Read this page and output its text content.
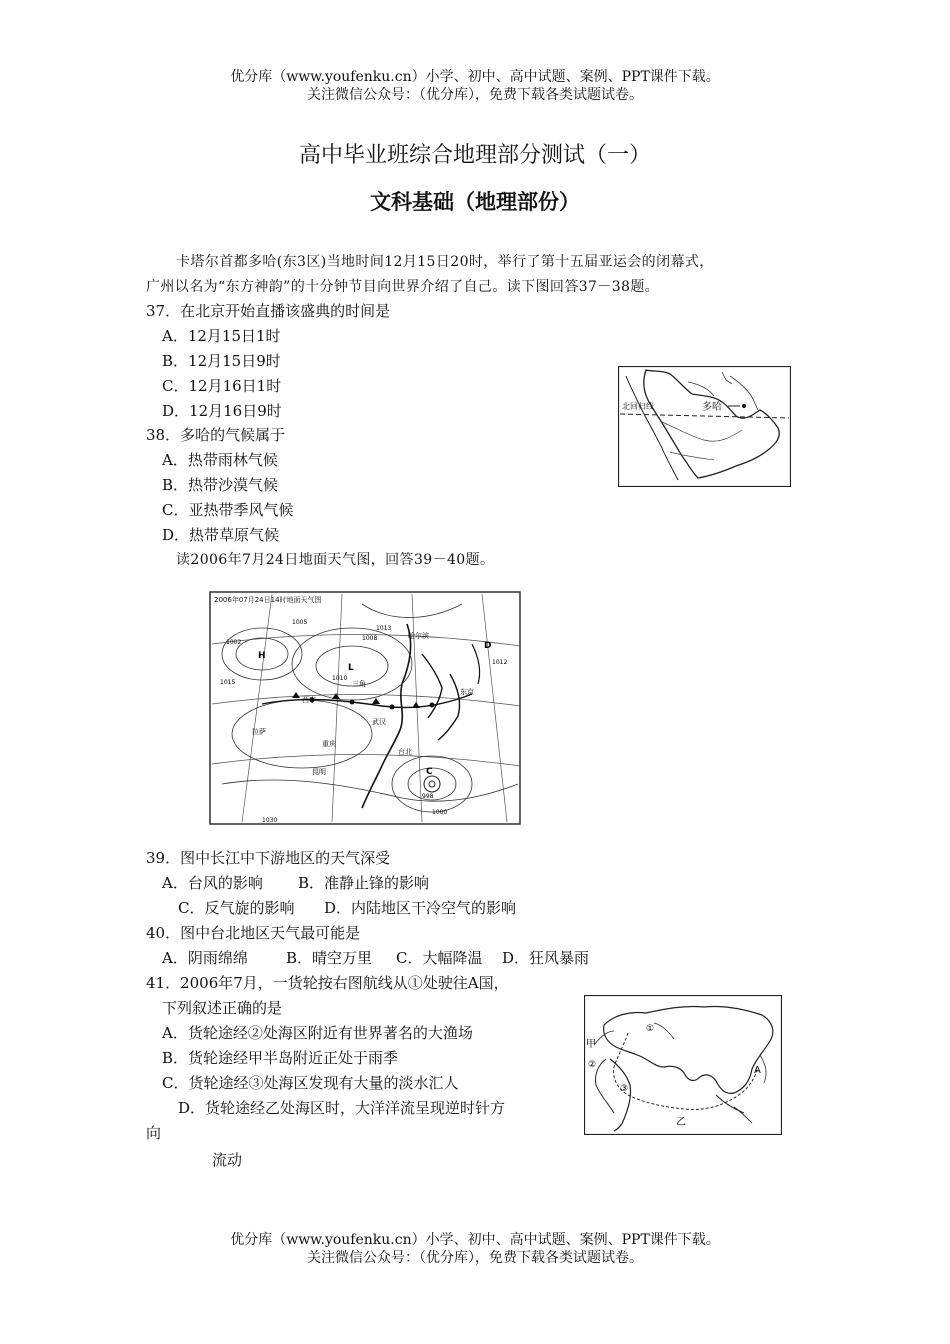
优分库（www.youfenku.cn）小学、初中、高中试题、案例、PPT课件下载。
关注微信公众号：（优分库），免费下载各类试题试卷。
高中毕业班综合地理部分测试（一）
文科基础（地理部份）
卡塔尔首都多哈(东3区)当地时间12月15日20时，举行了第十五届亚运会的闭幕式，
广州以名为“东方神韵”的十分钟节目向世界介绍了自己。读下图回答37－38题。
37．在北京开始直播该盛典的时间是
A．12月15日1时
B．12月15日9时
C．12月16日1时
D．12月16日9时
38．多哈的气候属于
A．热带雨林气候
B．热带沙漠气候
C．亚热带季风气候
D．热带草原气候
北回归线	多哈
读2006年7月24日地面天气图，回答39－40题。
2006年07月24日14时地面天气图
拉萨
西宁
三角
重庆
昆明
台北
哈尔滨
东京
武汉
1002
1005
1008
1010
1012
1013
1015
1000
998
1030
H
L
D
C
39．图中长江中下游地区的天气深受
A．台风的影响 B．准静止锋的影响
C．反气旋的影响 D．内陆地区干冷空气的影响
40．图中台北地区天气最可能是
A．阴雨绵绵	B．晴空万里 C．大幅降温 D．狂风暴雨
41．2006年7月，一货轮按右图航线从①处驶往A国，
下列叙述正确的是
A．货轮途经②处海区附近有世界著名的大渔场
B．货轮途经甲半岛附近正处于雨季
C．货轮途经③处海区发现有大量的淡水汇人
D．货轮途经乙处海区时，大洋洋流呈现逆时针方
向
流动
甲
乙
A
①
②
③
优分库（www.youfenku.cn）小学、初中、高中试题、案例、PPT课件下载。
关注微信公众号：（优分库），免费下载各类试题试卷。
